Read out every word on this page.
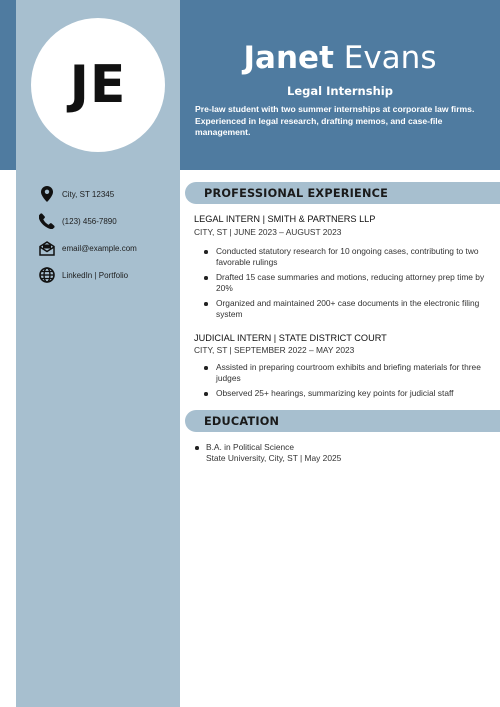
JE	Janet Evans
Legal Internship
Pre-law student with two summer internships at corporate law firms. Experienced in legal research, drafting memos, and case-file management.
City, ST 12345
(123) 456-7890
email@example.com
LinkedIn | Portfolio
PROFESSIONAL EXPERIENCE
LEGAL INTERN | SMITH & PARTNERS LLP
CITY, ST | JUNE 2023 – AUGUST 2023
Conducted statutory research for 10 ongoing cases, contributing to two favorable rulings
Drafted 15 case summaries and motions, reducing attorney prep time by 20%
Organized and maintained 200+ case documents in the electronic filing system
JUDICIAL INTERN | STATE DISTRICT COURT
CITY, ST | SEPTEMBER 2022 – MAY 2023
Assisted in preparing courtroom exhibits and briefing materials for three judges
Observed 25+ hearings, summarizing key points for judicial staff
EDUCATION
B.A. in Political Science
State University, City, ST | May 2025
